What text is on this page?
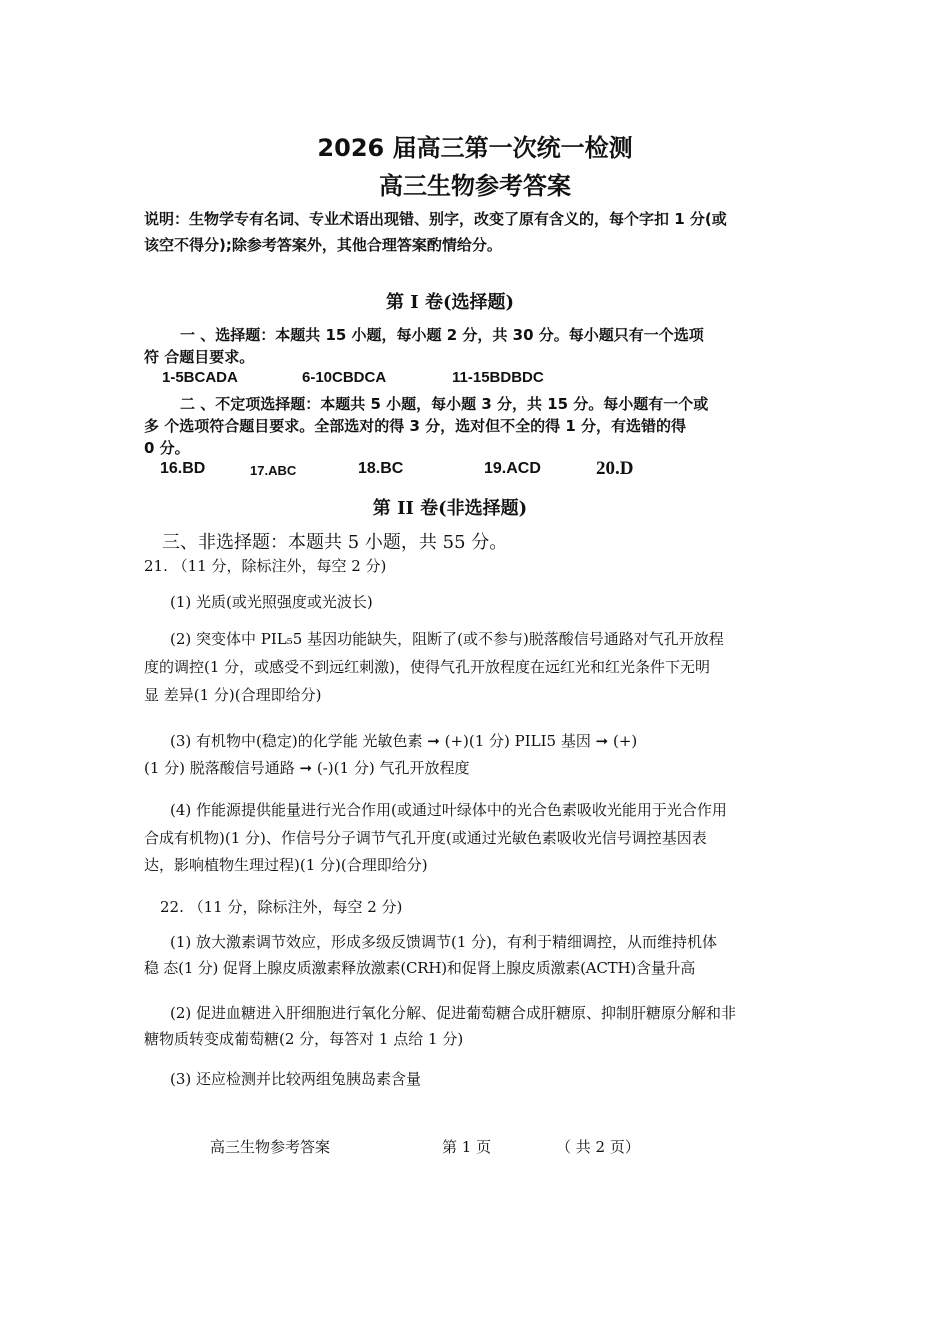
2026 届高三第一次统一检测
高三生物参考答案
说明：生物学专有名词、专业术语出现错、别字，改变了原有含义的，每个字扣 1 分(或
该空不得分);除参考答案外，其他合理答案酌情给分。
第 I 卷(选择题)
一 、选择题：本题共 15 小题，每小题 2 分，共 30 分。每小题只有一个选项
符 合题目要求。
1-5BCADA	6-10CBDCA	11-15BDBDC
二 、不定项选择题：本题共 5 小题，每小题 3 分，共 15 分。每小题有一个或
多 个选项符合题目要求。全部选对的得 3 分，选对但不全的得 1 分，有选错的得
0 分。
16.BD	17.ABC	18.BC	19.ACD	20.D
第 II 卷(非选择题)
三、非选择题：本题共 5 小题，共 55 分。
21. （11 分，除标注外，每空 2 分)
(1) 光质(或光照强度或光波长)
(2) 突变体中 PIL₅5 基因功能缺失，阻断了(或不参与)脱落酸信号通路对气孔开放程
度的调控(1 分，或感受不到远红刺激)，使得气孔开放程度在远红光和红光条件下无明
显 差异(1 分)(合理即给分)
(3) 有机物中(稳定)的化学能 光敏色素 ➞ (+)(1 分) PILI5 基因 ➞ (+)
(1 分) 脱落酸信号通路 ➞ (-)(1 分) 气孔开放程度
(4) 作能源提供能量进行光合作用(或通过叶绿体中的光合色素吸收光能用于光合作用
合成有机物)(1 分)、作信号分子调节气孔开度(或通过光敏色素吸收光信号调控基因表
达，影响植物生理过程)(1 分)(合理即给分)
22. （11 分，除标注外，每空 2 分)
(1) 放大激素调节效应，形成多级反馈调节(1 分)，有利于精细调控，从而维持机体
稳 态(1 分) 促肾上腺皮质激素释放激素(CRH)和促肾上腺皮质激素(ACTH)含量升高
(2) 促进血糖进入肝细胞进行氧化分解、促进葡萄糖合成肝糖原、抑制肝糖原分解和非
糖物质转变成葡萄糖(2 分，每答对 1 点给 1 分)
(3) 还应检测并比较两组兔胰岛素含量
高三生物参考答案	第 1 页	（ 共 2 页）
